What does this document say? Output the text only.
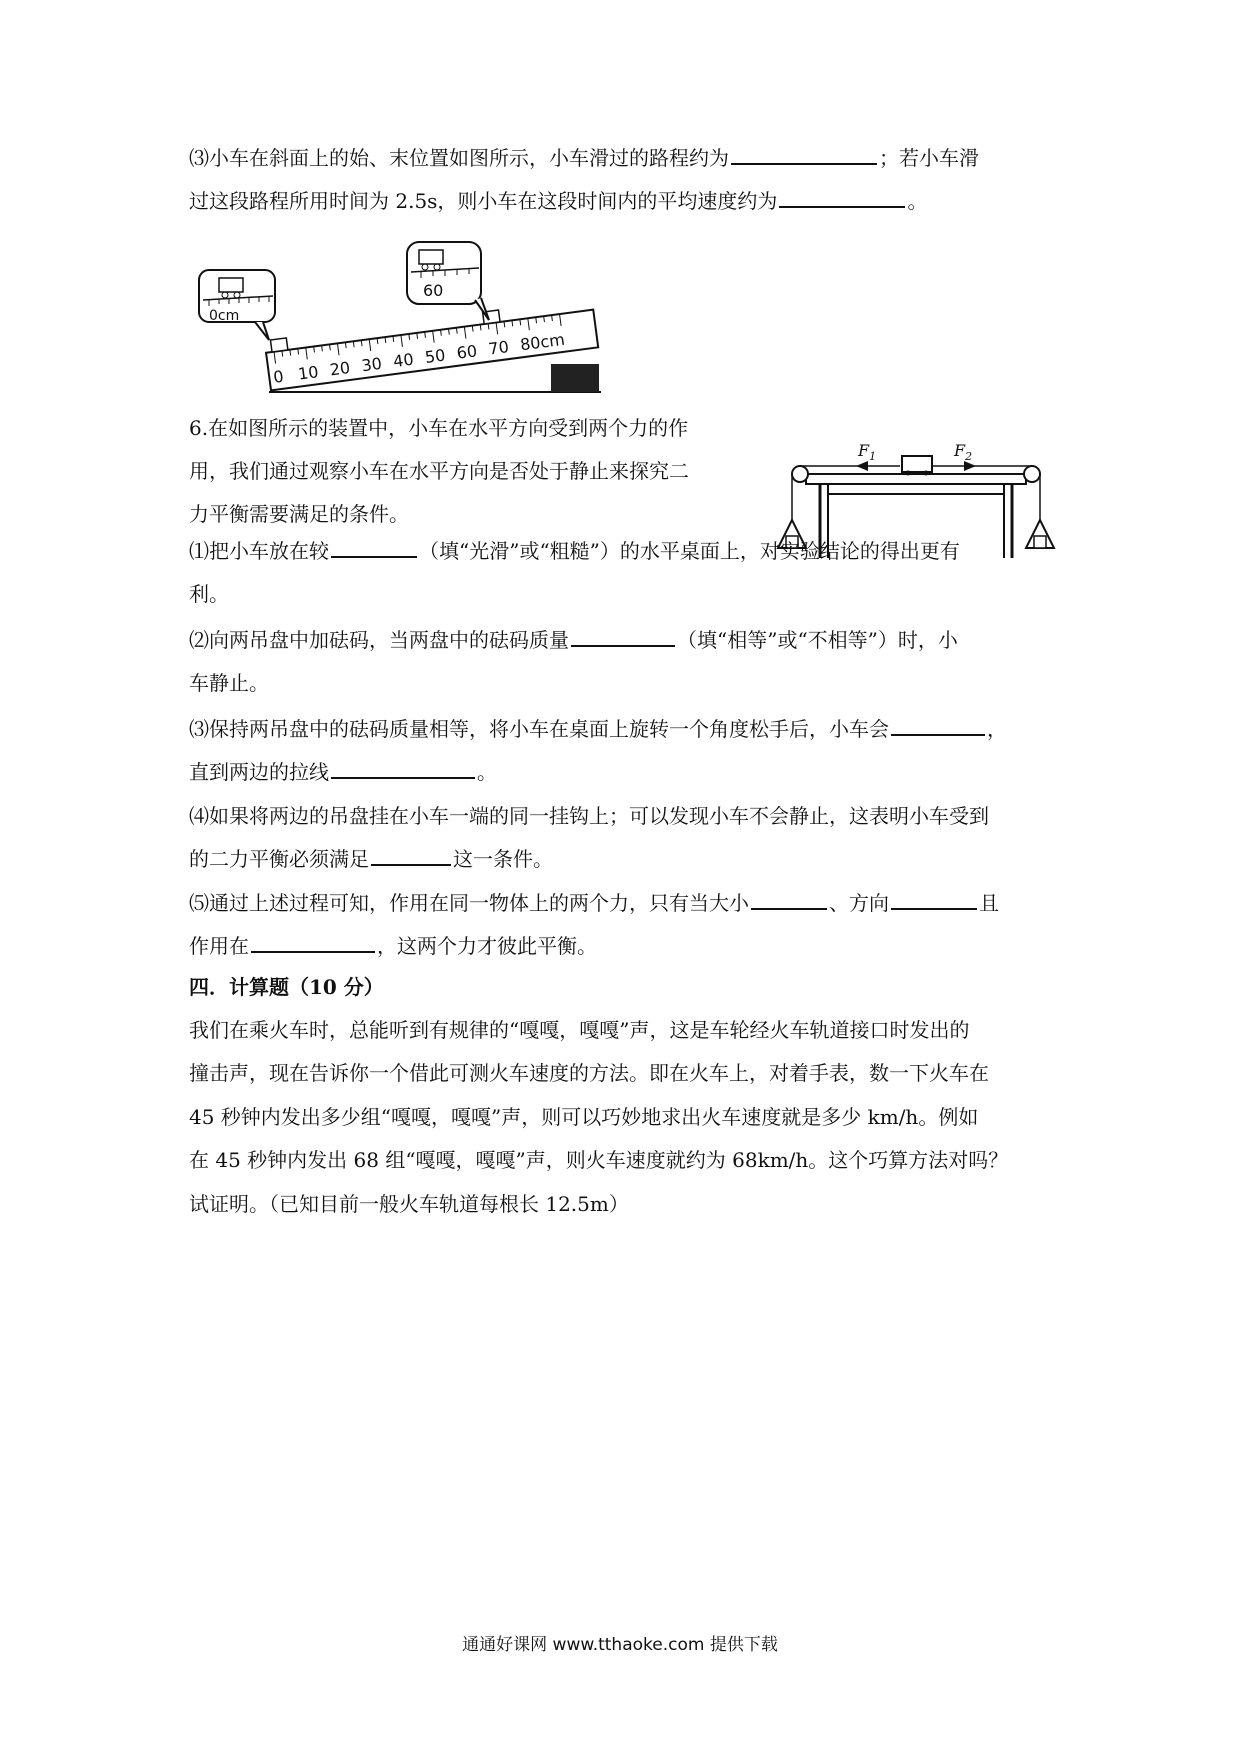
⑶小车在斜面上的始、末位置如图所示，小车滑过的路程约为	；若小车滑
过这段路程所用时间为 2.5s，则小车在这段时间内的平均速度约为	。
0 10 20 30 40 50 60 70 80cm
0cm
60
6.在如图所示的装置中，小车在水平方向受到两个力的作
用，我们通过观察小车在水平方向是否处于静止来探究二
力平衡需要满足的条件。
$F_1$	$F_2$
⑴把小车放在较	（填“光滑”或“粗糙”）的水平桌面上，对实验结论的得出更有
利。
⑵向两吊盘中加砝码，当两盘中的砝码质量	（填“相等”或“不相等”）时，小
车静止。
⑶保持两吊盘中的砝码质量相等，将小车在桌面上旋转一个角度松手后，小车会	，
直到两边的拉线	。
⑷如果将两边的吊盘挂在小车一端的同一挂钩上；可以发现小车不会静止，这表明小车受到
的二力平衡必须满足	这一条件。
⑸通过上述过程可知，作用在同一物体上的两个力，只有当大小	、方向	且
作用在	，这两个力才彼此平衡。
四．计算题（10 分）
我们在乘火车时，总能听到有规律的“嘎嘎，嘎嘎”声，这是车轮经火车轨道接口时发出的
撞击声，现在告诉你一个借此可测火车速度的方法。即在火车上，对着手表，数一下火车在
45 秒钟内发出多少组“嘎嘎，嘎嘎”声，则可以巧妙地求出火车速度就是多少 km/h。例如
在 45 秒钟内发出 68 组“嘎嘎，嘎嘎”声，则火车速度就约为 68km/h。这个巧算方法对吗？
试证明。（已知目前一般火车轨道每根长 12.5m）
通通好课网 www.tthaoke.com 提供下载
